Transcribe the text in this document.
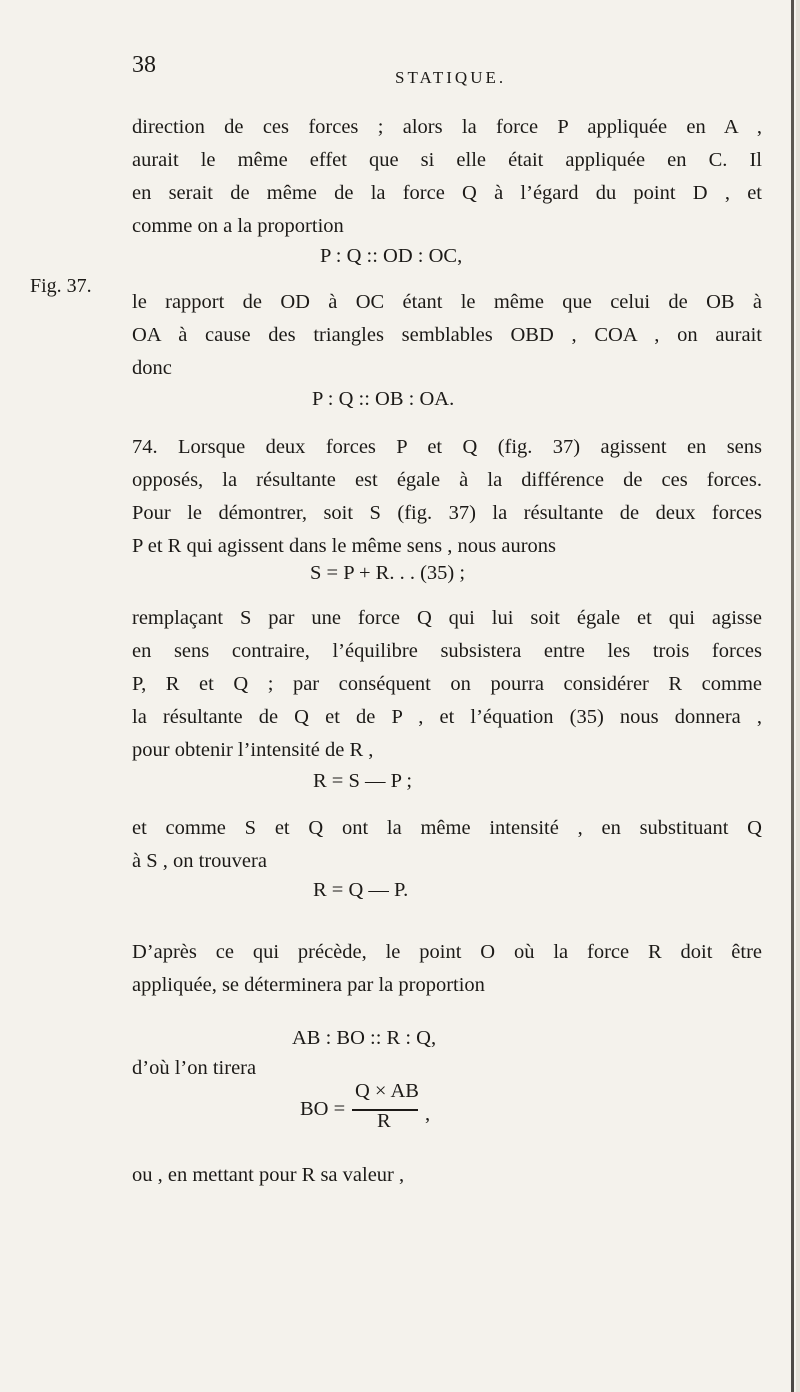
38	STATIQUE.
Fig. 37.
direction de ces forces ; alors la force P appliquée en A ,
aurait le même effet que si elle était appliquée en C. Il
en serait de même de la force Q à l’égard du point D , et
comme on a la proportion
P : Q :: OD : OC,
le rapport de OD à OC étant le même que celui de OB à
OA à cause des triangles semblables OBD , COA , on aurait
donc
P : Q :: OB : OA.
74. Lorsque deux forces P et Q (fig. 37) agissent en sens
opposés, la résultante est égale à la différence de ces forces.
Pour le démontrer, soit S (fig. 37) la résultante de deux forces
P et R qui agissent dans le même sens , nous aurons
S = P + R. . . (35) ;
remplaçant S par une force Q qui lui soit égale et qui agisse
en sens contraire, l’équilibre subsistera entre les trois forces
P, R et Q ; par conséquent on pourra considérer R comme
la résultante de Q et de P , et l’équation (35) nous donnera ,
pour obtenir l’intensité de R ,
R = S — P ;
et comme S et Q ont la même intensité , en substituant Q
à S , on trouvera
R = Q — P.
D’après ce qui précède, le point O où la force R doit être
appliquée, se déterminera par la proportion
AB : BO :: R : Q,
d’où l’on tirera
BO =
Q × AB
R ,
ou , en mettant pour R sa valeur ,
